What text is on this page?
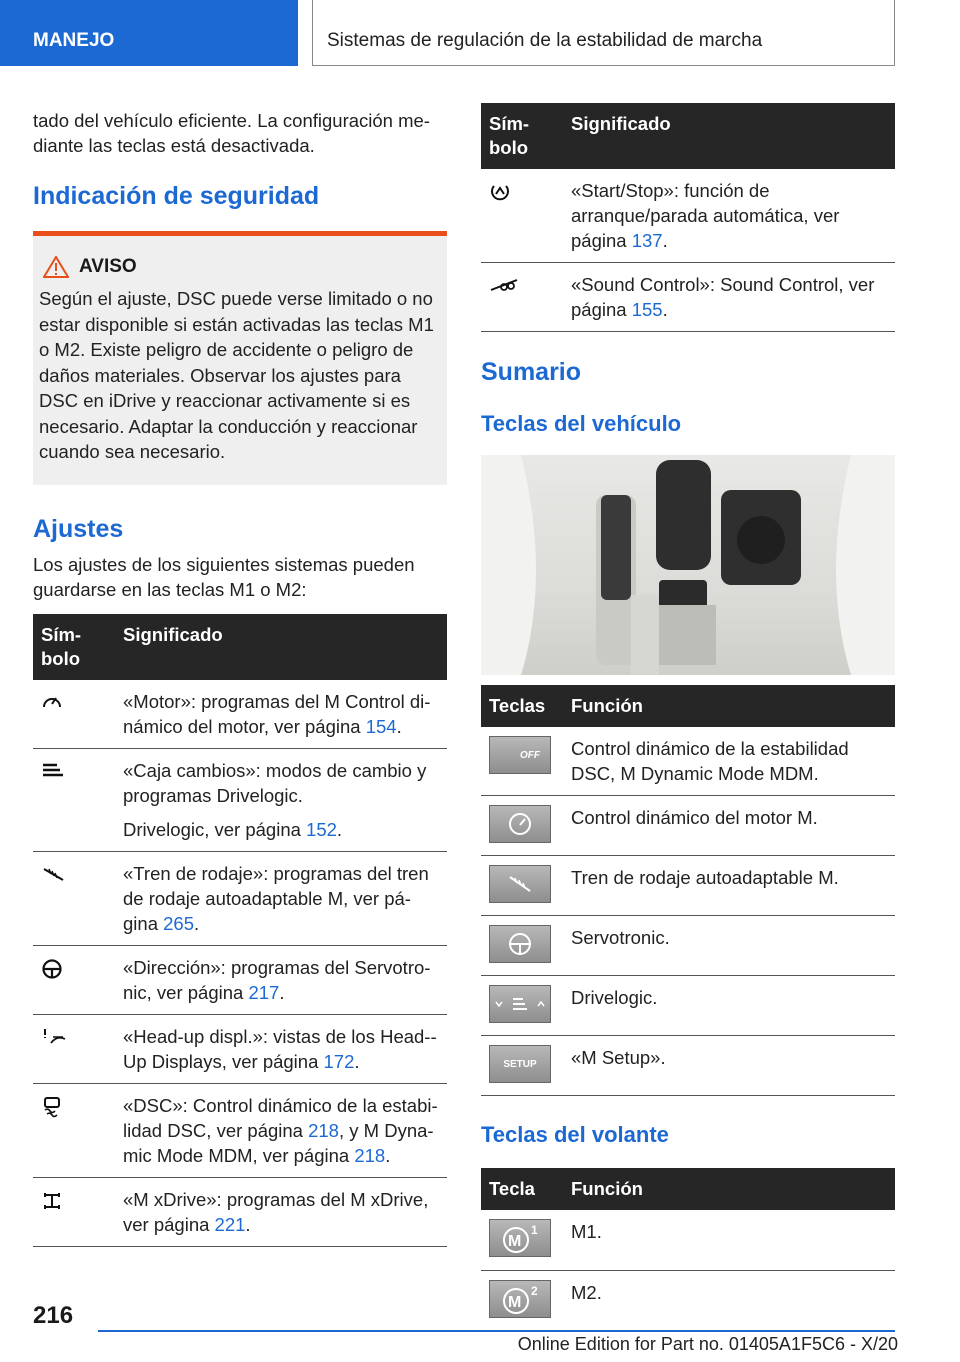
MANEJO	Sistemas de regulación de la estabilidad de marcha

tado del vehículo eficiente. La configuración me-diante las teclas está desactivada.

Indicación de seguridad
AVISO

Según el ajuste, DSC puede verse limitado o no estar disponible si están activadas las teclas M1 o M2. Existe peligro de accidente o peligro de daños materiales. Observar los ajustes para DSC en iDrive y reaccionar activamente si es necesario. Adaptar la conducción y reaccionar cuando sea necesario.

Ajustes

Los ajustes de los siguientes sistemas pueden guardarse en las teclas M1 o M2:

Sím-bolo	Significado
	«Motor»: programas del M Control di-námico del motor, ver página 154.
	«Caja cambios»: modos de cambio y programas Drivelogic.
Drivelogic, ver página 152.

	«Tren de rodaje»: programas del tren de rodaje autoadaptable M, ver pá-gina 265.
	«Dirección»: programas del Servotro-nic, ver página 217.
	«Head-up displ.»: vistas de los Head--Up Displays, ver página 172.
	«DSC»: Control dinámico de la estabi-lidad DSC, ver página 218, y M Dyna-mic Mode MDM, ver página 218.
	«M xDrive»: programas del M xDrive, ver página 221.
Sím-bolo	Significado
	«Start/Stop»: función de arranque/parada automática, ver página 137.
	«Sound Control»: Sound Control, ver página 155.
Sumario
Teclas del vehículo
Teclas	Función

OFF	Control dinámico de la estabilidad DSC, M Dynamic Mode MDM.

	Control dinámico del motor M.

	Tren de rodaje autoadaptable M.

	Servotronic.

	Drivelogic.

SETUP	«M Setup».
Teclas del volante
Tecla	Función

M
1	M1.

M
2	M2.
216
Online Edition for Part no. 01405A1F5C6 - X/20
